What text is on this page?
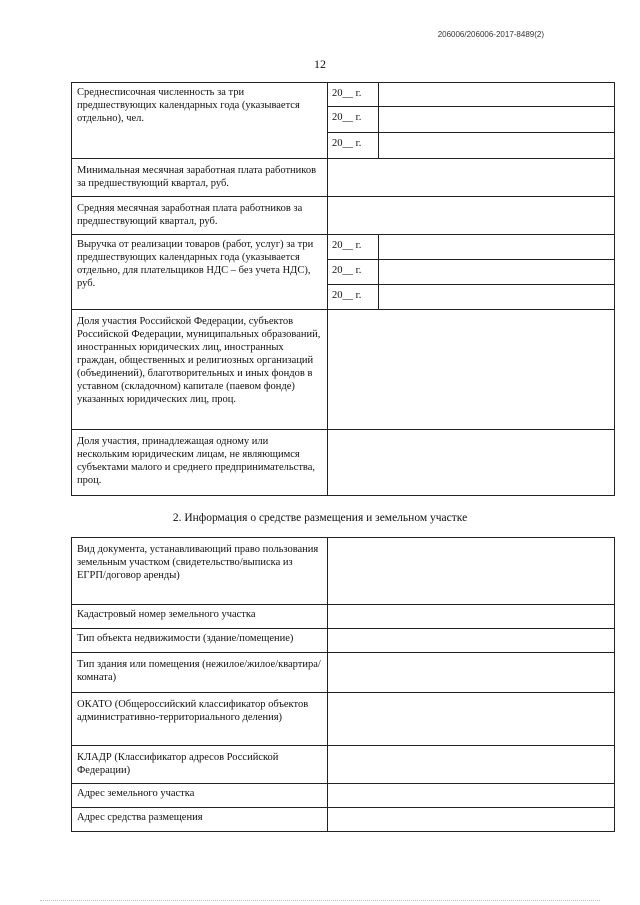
206006/206006-2017-8489(2)
12
Среднесписочная численность за три предшествующих календарных года (указывается отдельно), чел.	20__ г.	
	20__ г.	
	20__ г.	
Минимальная месячная заработная плата работников за предшествующий квартал, руб.		
Средняя месячная заработная плата работников за предшествующий квартал, руб.		
Выручка от реализации товаров (работ, услуг) за три предшествующих календарных года (указывается отдельно, для плательщиков НДС – без учета НДС), руб.	20__ г.	
	20__ г.	
	20__ г.	
Доля участия Российской Федерации, субъектов Российской Федерации, муниципальных образований, иностранных юридических лиц, иностранных граждан, общественных и религиозных организаций (объединений), благотворительных и иных фондов в уставном (складочном) капитале (паевом фонде) указанных юридических лиц, проц.		
Доля участия, принадлежащая одному или нескольким юридическим лицам, не являющимся субъектами малого и среднего предпринимательства, проц.		
2. Информация о средстве размещения и земельном участке
Вид документа, устанавливающий право пользования земельным участком (свидетельство/выписка из ЕГРП/договор аренды)	
Кадастровый номер земельного участка	
Тип объекта недвижимости (здание/помещение)	
Тип здания или помещения (нежилое/жилое/квартира/комната)	
ОКАТО (Общероссийский классификатор объектов административно-территориального деления)	
КЛАДР (Классификатор адресов Российской Федерации)	
Адрес земельного участка	
Адрес средства размещения	
